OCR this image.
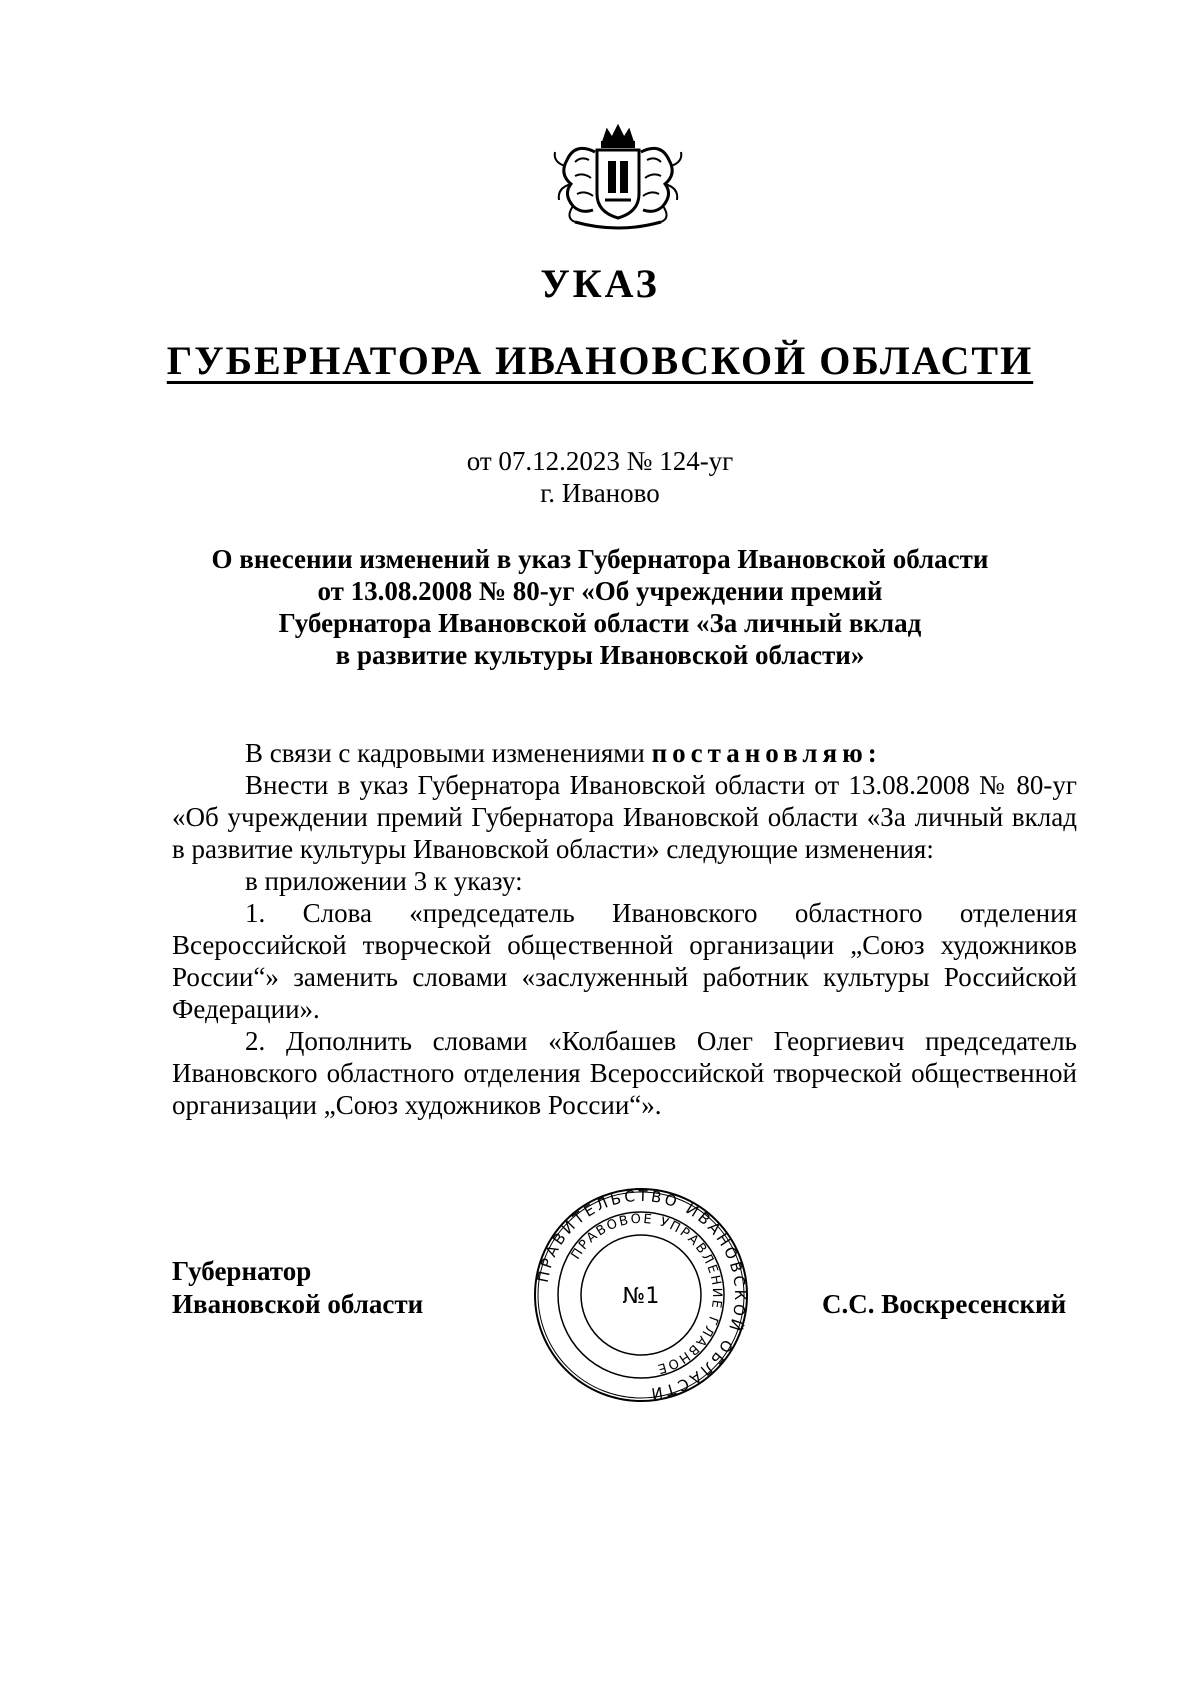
УКАЗ
ГУБЕРНАТОРА ИВАНОВСКОЙ ОБЛАСТИ
от 07.12.2023 № 124-уг
г. Иваново
О внесении изменений в указ Губернатора Ивановской области
от 13.08.2008 № 80-уг «Об учреждении премий
Губернатора Ивановской области «За личный вклад
в развитие культуры Ивановской области»

В связи с кадровыми изменениями постановляю:

Внести в указ Губернатора Ивановской области от 13.08.2008 № 80-уг «Об учреждении премий Губернатора Ивановской области «За личный вклад в развитие культуры Ивановской области» следующие изменения:

в приложении 3 к указу:

1. Слова «председатель Ивановского областного отделения Всероссийской творческой общественной организации „Союз художников России“» заменить словами «заслуженный работник культуры Российской Федерации».

2. Дополнить словами «Колбашев Олег Георгиевич председатель Ивановского областного отделения Всероссийской творческой общественной организации „Союз художников России“».

Губернатор
Ивановской области
ПРАВИТЕЛЬСТВО ИВАНОВСКОЙ ОБЛАСТИ
ПРАВОВОЕ УПРАВЛЕНИЕ ГЛАВНОЕ
№1	С.С. Воскресенский
